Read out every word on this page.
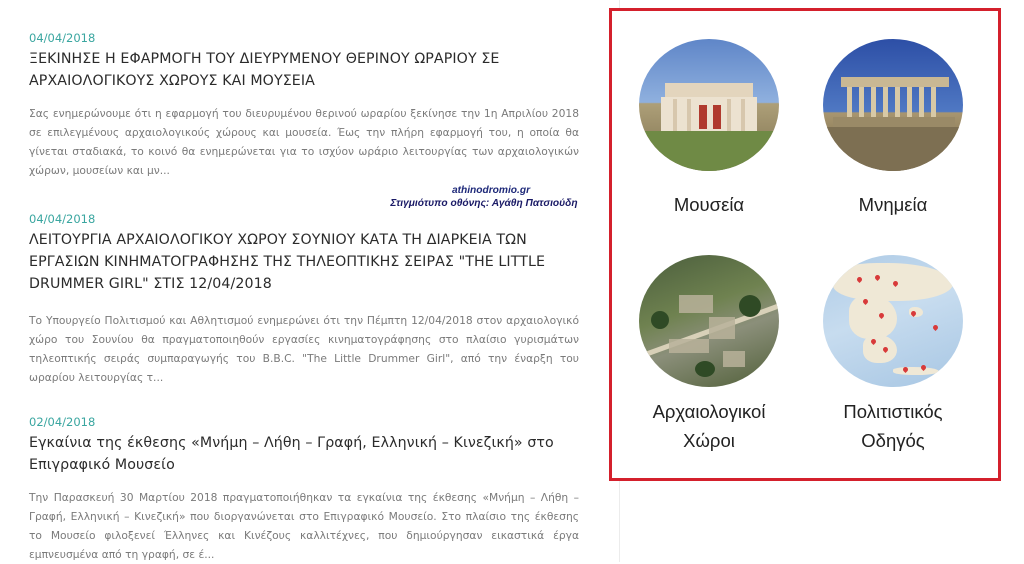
04/04/2018
ΞΕΚΙΝΗΣΕ Η ΕΦΑΡΜΟΓΗ ΤΟΥ ΔΙΕΥΡΥΜΕΝΟΥ ΘΕΡΙΝΟΥ ΩΡΑΡΙΟΥ ΣΕ ΑΡΧΑΙΟΛΟΓΙΚΟΥΣ ΧΩΡΟΥΣ ΚΑΙ ΜΟΥΣΕΙΑ
Σας ενημερώνουμε ότι η εφαρμογή του διευρυμένου θερινού ωραρίου ξεκίνησε την 1η Απριλίου 2018 σε επιλεγμένους αρχαιολογικούς χώρους και μουσεία. Έως την πλήρη εφαρμογή του, η οποία θα γίνεται σταδιακά, το κοινό θα ενημερώνεται για το ισχύον ωράριο λειτουργίας των αρχαιολογικών χώρων, μουσείων και μν...
athinodromio.gr
Στιγμιότυπο οθόνης: Αγάθη Πατσιούδη
04/04/2018
ΛΕΙΤΟΥΡΓΙΑ ΑΡΧΑΙΟΛΟΓΙΚΟΥ ΧΩΡΟΥ ΣΟΥΝΙΟΥ ΚΑΤΑ ΤΗ ΔΙΑΡΚΕΙΑ ΤΩΝ ΕΡΓΑΣΙΩΝ ΚΙΝΗΜΑΤΟΓΡΑΦΗΣΗΣ ΤΗΣ ΤΗΛΕΟΠΤΙΚΗΣ ΣΕΙΡΑΣ "THE LITTLE DRUMMER GIRL" ΣΤΙΣ 12/04/2018
Το Υπουργείο Πολιτισμού και Αθλητισμού ενημερώνει ότι την Πέμπτη 12/04/2018 στον αρχαιολογικό χώρο του Σουνίου θα πραγματοποιηθούν εργασίες κινηματογράφησης στο πλαίσιο γυρισμάτων τηλεοπτικής σειράς συμπαραγωγής του B.B.C. "The Little Drummer Girl", από την έναρξη του ωραρίου λειτουργίας τ...
02/04/2018
Εγκαίνια της έκθεσης «Μνήμη – Λήθη – Γραφή, Ελληνική – Κινεζική» στο Επιγραφικό Μουσείο
Την Παρασκευή 30 Μαρτίου 2018 πραγματοποιήθηκαν τα εγκαίνια της έκθεσης «Μνήμη – Λήθη – Γραφή, Ελληνική – Κινεζική» που διοργανώνεται στο Επιγραφικό Μουσείο. Στο πλαίσιο της έκθεσης το Μουσείο φιλοξενεί Έλληνες και Κινέζους καλλιτέχνες, που δημιούργησαν εικαστικά έργα εμπνευσμένα από τη γραφή, σε έ...
Μουσεία	Μνημεία
Αρχαιολογικοί
Χώροι
Πολιτιστικός
Οδηγός
